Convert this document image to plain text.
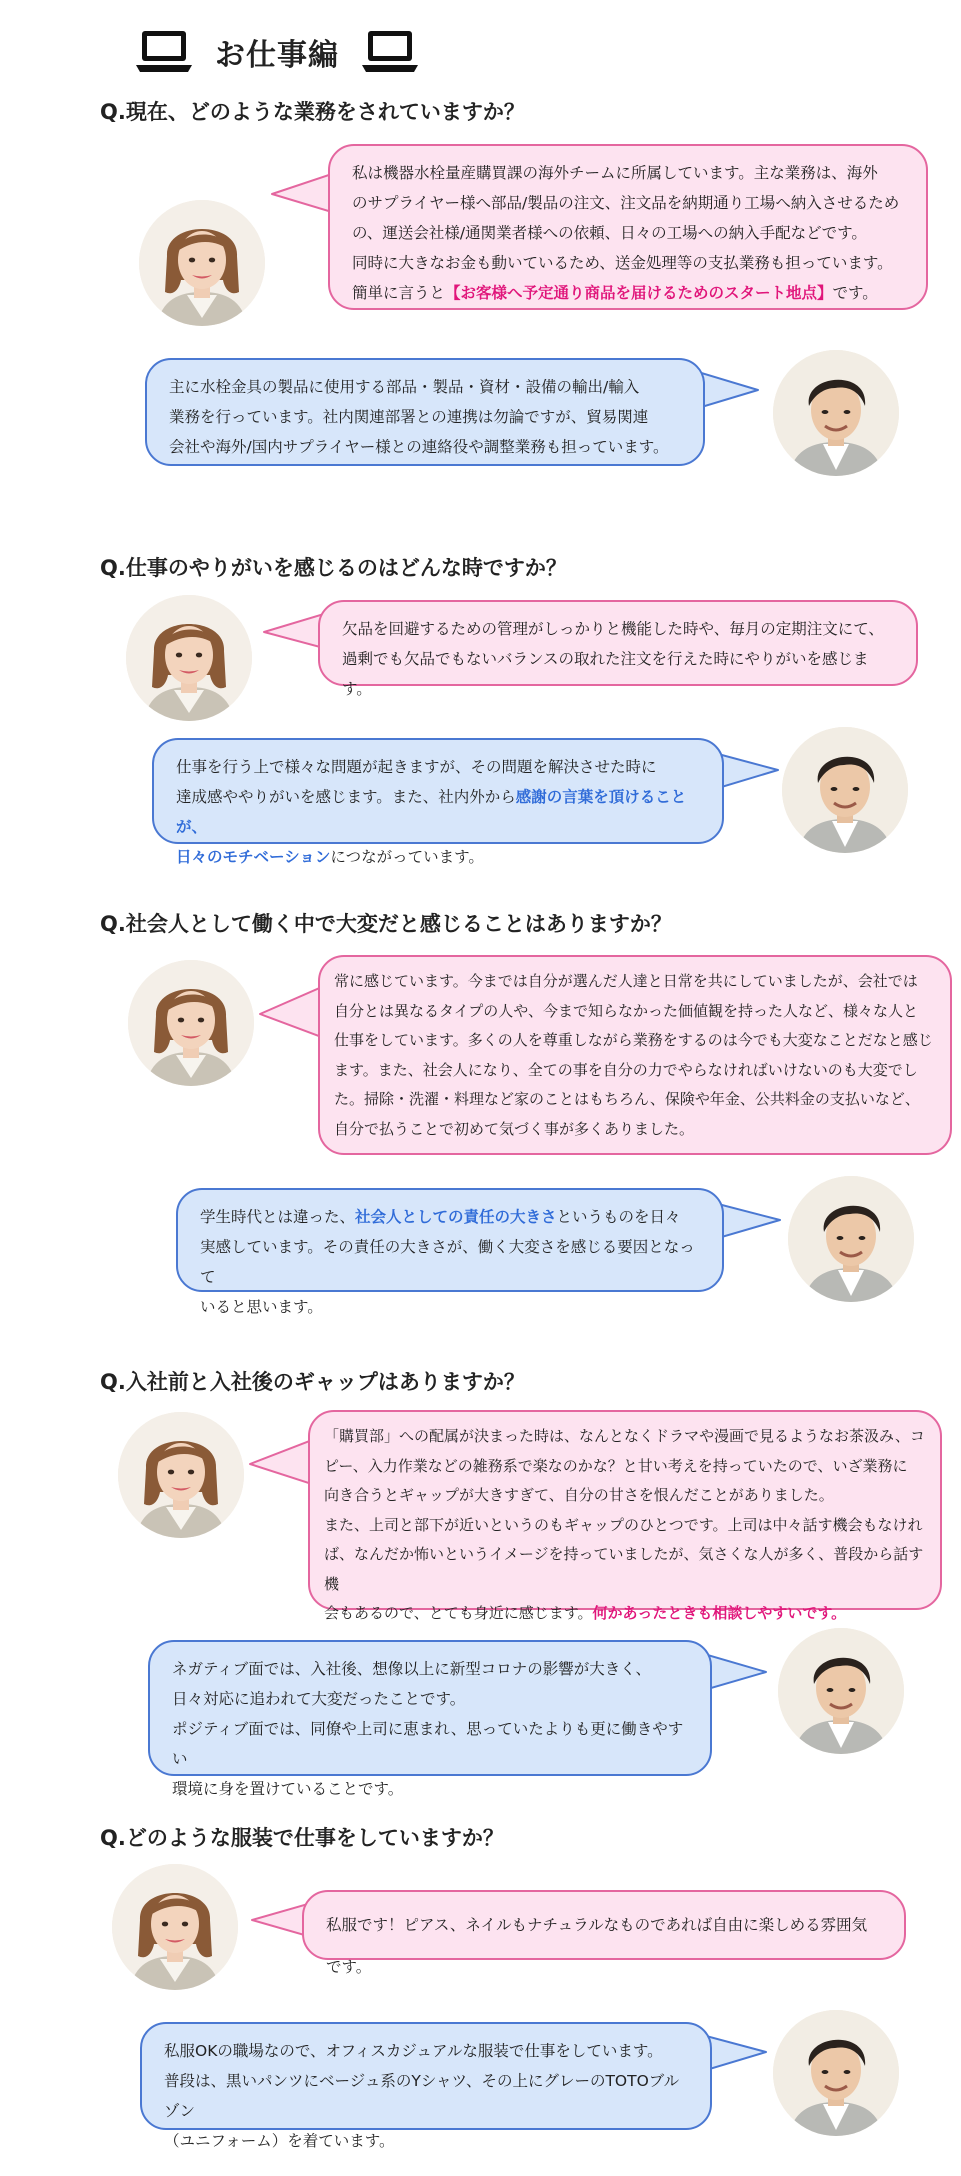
お仕事編
Q.現在、どのような業務をされていますか？

私は機器水栓量産購買課の海外チームに所属しています。主な業務は、海外

のサプライヤー様へ部品/製品の注文、注文品を納期通り工場へ納入させるため

の、運送会社様/通関業者様への依頼、日々の工場への納入手配などです。

同時に大きなお金も動いているため、送金処理等の支払業務も担っています。

簡単に言うと【お客様へ予定通り商品を届けるためのスタート地点】です。

主に水栓金具の製品に使用する部品・製品・資材・設備の輸出/輸入

業務を行っています。社内関連部署との連携は勿論ですが、貿易関連

会社や海外/国内サプライヤー様との連絡役や調整業務も担っています。

Q.仕事のやりがいを感じるのはどんな時ですか？

欠品を回避するための管理がしっかりと機能した時や、毎月の定期注文にて、

過剰でも欠品でもないバランスの取れた注文を行えた時にやりがいを感じます。

仕事を行う上で様々な問題が起きますが、その問題を解決させた時に

達成感ややりがいを感じます。また、社内外から感謝の言葉を頂けることが、

日々のモチベーションにつながっています。

Q.社会人として働く中で大変だと感じることはありますか？

常に感じています。今までは自分が選んだ人達と日常を共にしていましたが、会社では

自分とは異なるタイプの人や、今まで知らなかった価値観を持った人など、様々な人と

仕事をしています。多くの人を尊重しながら業務をするのは今でも大変なことだなと感じ

ます。また、社会人になり、全ての事を自分の力でやらなければいけないのも大変でし

た。掃除・洗濯・料理など家のことはもちろん、保険や年金、公共料金の支払いなど、

自分で払うことで初めて気づく事が多くありました。

学生時代とは違った、社会人としての責任の大きさというものを日々

実感しています。その責任の大きさが、働く大変さを感じる要因となって

いると思います。

Q.入社前と入社後のギャップはありますか？

「購買部」への配属が決まった時は、なんとなくドラマや漫画で見るようなお茶汲み、コ

ピー、入力作業などの雑務系で楽なのかな？と甘い考えを持っていたので、いざ業務に

向き合うとギャップが大きすぎて、自分の甘さを恨んだことがありました。

また、上司と部下が近いというのもギャップのひとつです。上司は中々話す機会もなけれ

ば、なんだか怖いというイメージを持っていましたが、気さくな人が多く、普段から話す機

会もあるので、とても身近に感じます。何かあったときも相談しやすいです。

ネガティブ面では、入社後、想像以上に新型コロナの影響が大きく、

日々対応に追われて大変だったことです。

ポジティブ面では、同僚や上司に恵まれ、思っていたよりも更に働きやすい

環境に身を置けていることです。

Q.どのような服装で仕事をしていますか？

私服です！ピアス、ネイルもナチュラルなものであれば自由に楽しめる雰囲気です。

私服OKの職場なので、オフィスカジュアルな服装で仕事をしています。

普段は、黒いパンツにベージュ系のYシャツ、その上にグレーのTOTOブルゾン

（ユニフォーム）を着ています。
